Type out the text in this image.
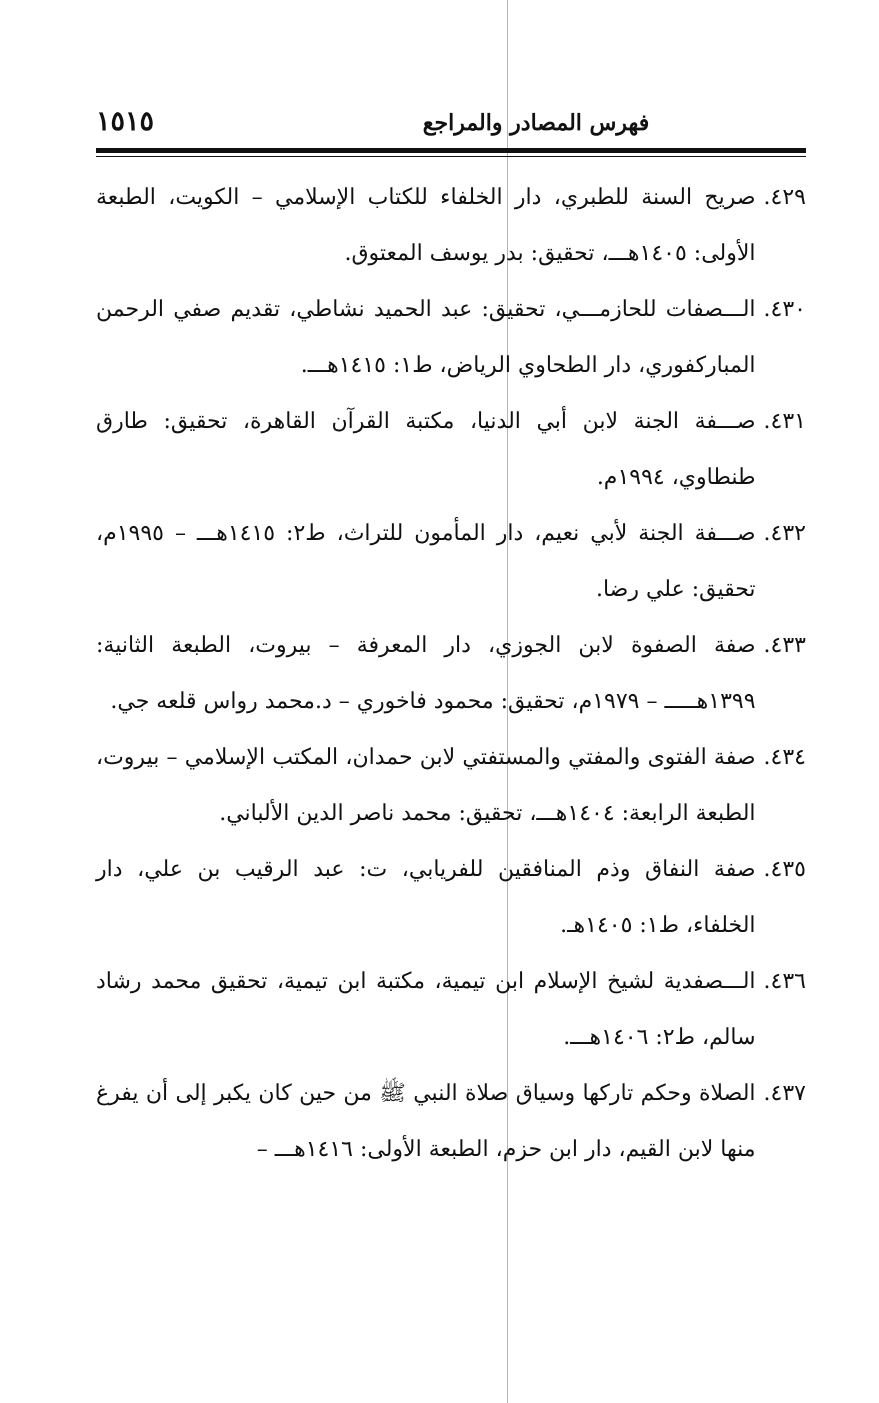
فهرس المصادر والمراجع
١٥١٥
٤٢٩.
صريح السنة للطبري، دار الخلفاء للكتاب الإسلامي – الكويت، الطبعة الأولى: ١٤٠٥هـــ، تحقيق: بدر يوسف المعتوق.
٤٣٠.
الـــصفات للحازمـــي، تحقيق: عبد الحميد نشاطي، تقديم صفي الرحمن المباركفوري، دار الطحاوي الرياض، ط١: ١٤١٥هـــ.
٤٣١.
صـــفة الجنة لابن أبي الدنيا، مكتبة القرآن القاهرة، تحقيق: طارق طنطاوي، ١٩٩٤م.
٤٣٢.
صـــفة الجنة لأبي نعيم، دار المأمون للتراث، ط٢: ١٤١٥هـــ – ١٩٩٥م، تحقيق: علي رضا.
٤٣٣.
صفة الصفوة لابن الجوزي، دار المعرفة – بيروت، الطبعة الثانية: ١٣٩٩هـــــ – ١٩٧٩م، تحقيق: محمود فاخوري – د.محمد رواس قلعه جي.
٤٣٤.
صفة الفتوى والمفتي والمستفتي لابن حمدان، المكتب الإسلامي – بيروت، الطبعة الرابعة: ١٤٠٤هـــ، تحقيق: محمد ناصر الدين الألباني.
٤٣٥.
صفة النفاق وذم المنافقين للفريابي، ت: عبد الرقيب بن علي، دار الخلفاء، ط١: ١٤٠٥هـ.
٤٣٦.
الـــصفدية لشيخ الإسلام ابن تيمية، مكتبة ابن تيمية، تحقيق محمد رشاد سالم، ط٢: ١٤٠٦هـــ.
٤٣٧.
الصلاة وحكم تاركها وسياق صلاة النبي ﷺ من حين كان يكبر إلى أن يفرغ منها لابن القيم، دار ابن حزم، الطبعة الأولى: ١٤١٦هـــ –
